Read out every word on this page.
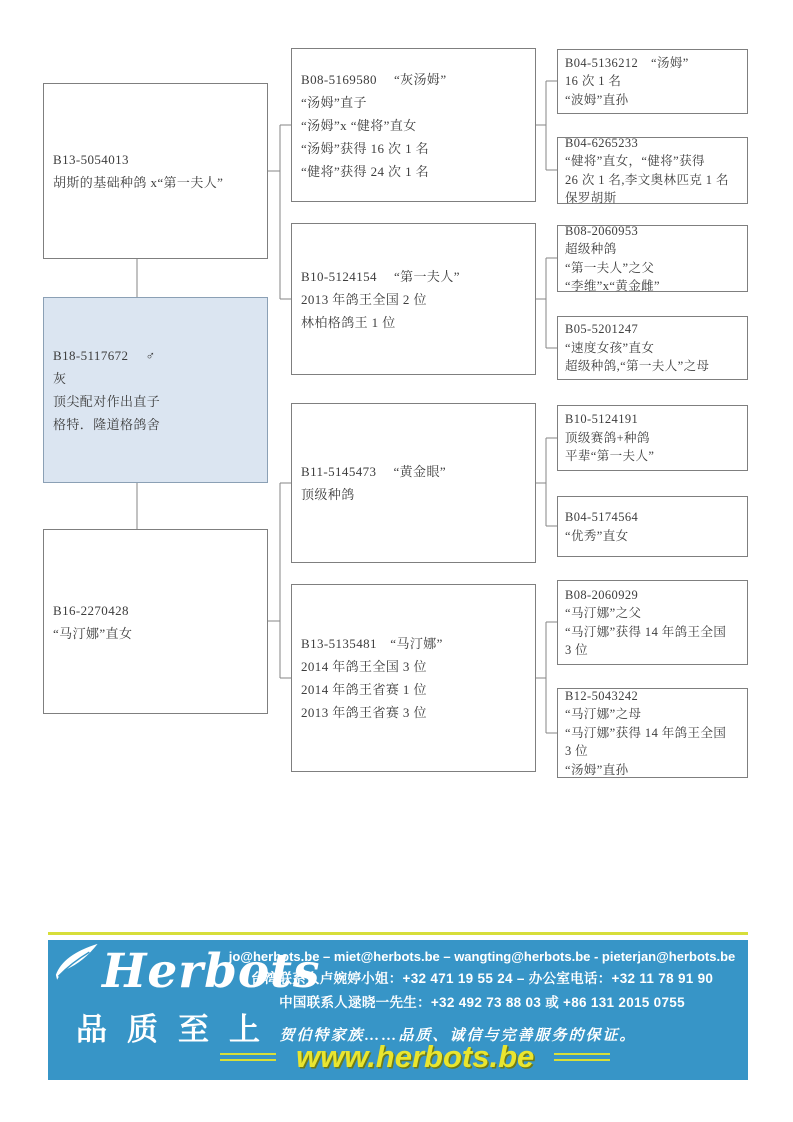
B13-5054013
胡斯的基础种鸽 x“第一夫人”
B18-5117672　 ♂
灰
顶尖配对作出直子
格特．隆道格鸽舍
B16-2270428
“马汀娜”直女
B08-5169580　 “灰汤姆”
“汤姆”直子
“汤姆”x “健将”直女
“汤姆”获得 16 次 1 名
“健将”获得 24 次 1 名
B10-5124154　 “第一夫人”
2013 年鸽王全国 2 位
林柏格鸽王 1 位
B11-5145473　 “黄金眼”
顶级种鸽
B13-5135481　“马汀娜”
2014 年鸽王全国 3 位
2014 年鸽王省赛 1 位
2013 年鸽王省赛 3 位
B04-5136212　“汤姆”
16 次 1 名
“波姆”直孙
B04-6265233
“健将”直女，“健将”获得
26 次 1 名,李文奥林匹克 1 名
保罗胡斯
B08-2060953
超级种鸽
“第一夫人”之父
“李维”x“黄金雌”
B05-5201247
“速度女孩”直女
超级种鸽,“第一夫人”之母
B10-5124191
顶级赛鸽+种鸽
平辈“第一夫人”
B04-5174564
“优秀”直女
B08-2060929
“马汀娜”之父
“马汀娜”获得 14 年鸽王全国
3 位
B12-5043242
“马汀娜”之母
“马汀娜”获得 14 年鸽王全国
3 位
“汤姆”直孙
Herbots
品质至上
jo@herbots.be – miet@herbots.be – wangting@herbots.be - pieterjan@herbots.be
台湾联系人卢婉婷小姐：+32 471 19 55 24 – 办公室电话：+32 11 78 91 90
中国联系人逯晓一先生：+32 492 73 88 03 或 +86 131 2015 0755
贺伯特家族……品质、诚信与完善服务的保证。
www.herbots.be
